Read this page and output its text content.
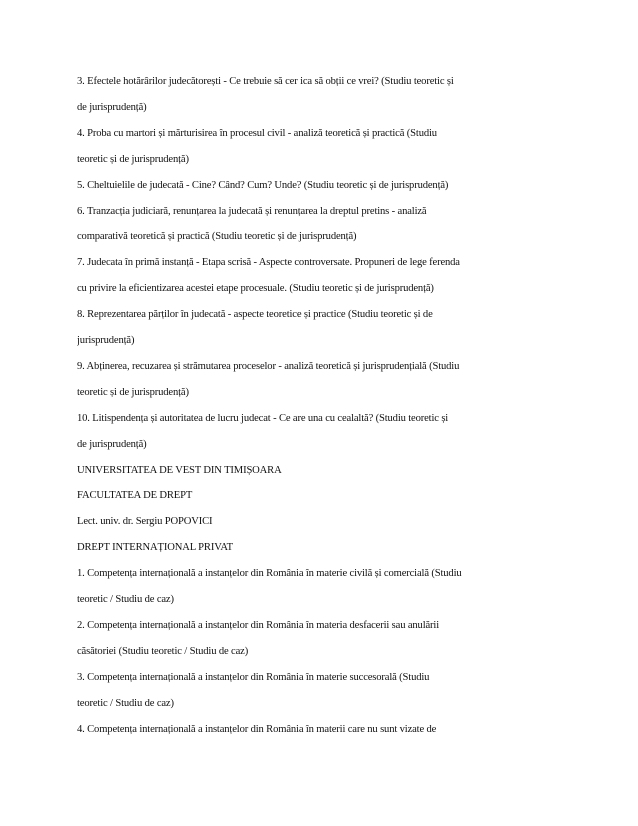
3. Efectele hotărârilor judecătorești - Ce trebuie să cer ica să obții ce vrei? (Studiu teoretic și
de jurisprudență)
4. Proba cu martori și mărturisirea în procesul civil - analiză teoretică și practică (Studiu
teoretic și de jurisprudență)
5. Cheltuielile de judecată - Cine? Când? Cum? Unde? (Studiu teoretic și de jurisprudență)
6. Tranzacția judiciară, renunțarea la judecată și renunțarea la dreptul pretins - analiză
comparativă teoretică și practică (Studiu teoretic și de jurisprudență)
7. Judecata în primă instanță - Etapa scrisă - Aspecte controversate. Propuneri de lege ferenda
cu privire la eficientizarea acestei etape procesuale. (Studiu teoretic și de jurisprudență)
8. Reprezentarea părților în judecată - aspecte teoretice și practice (Studiu teoretic și de
jurisprudență)
9. Abținerea, recuzarea și strămutarea proceselor - analiză teoretică și jurisprudențială (Studiu
teoretic și de jurisprudență)
10. Litispendența și autoritatea de lucru judecat - Ce are una cu cealaltă? (Studiu teoretic și
de jurisprudență)
UNIVERSITATEA DE VEST DIN TIMIȘOARA
FACULTATEA DE DREPT
Lect. univ. dr. Sergiu POPOVICI
DREPT INTERNAȚIONAL PRIVAT
1. Competența internațională a instanțelor din România în materie civilă și comercială (Studiu
teoretic / Studiu de caz)
2. Competența internațională a instanțelor din România în materia desfacerii sau anulării
căsătoriei (Studiu teoretic / Studiu de caz)
3. Competența internațională a instanțelor din România în materie succesorală (Studiu
teoretic / Studiu de caz)
4. Competența internațională a instanțelor din România în materii care nu sunt vizate de
